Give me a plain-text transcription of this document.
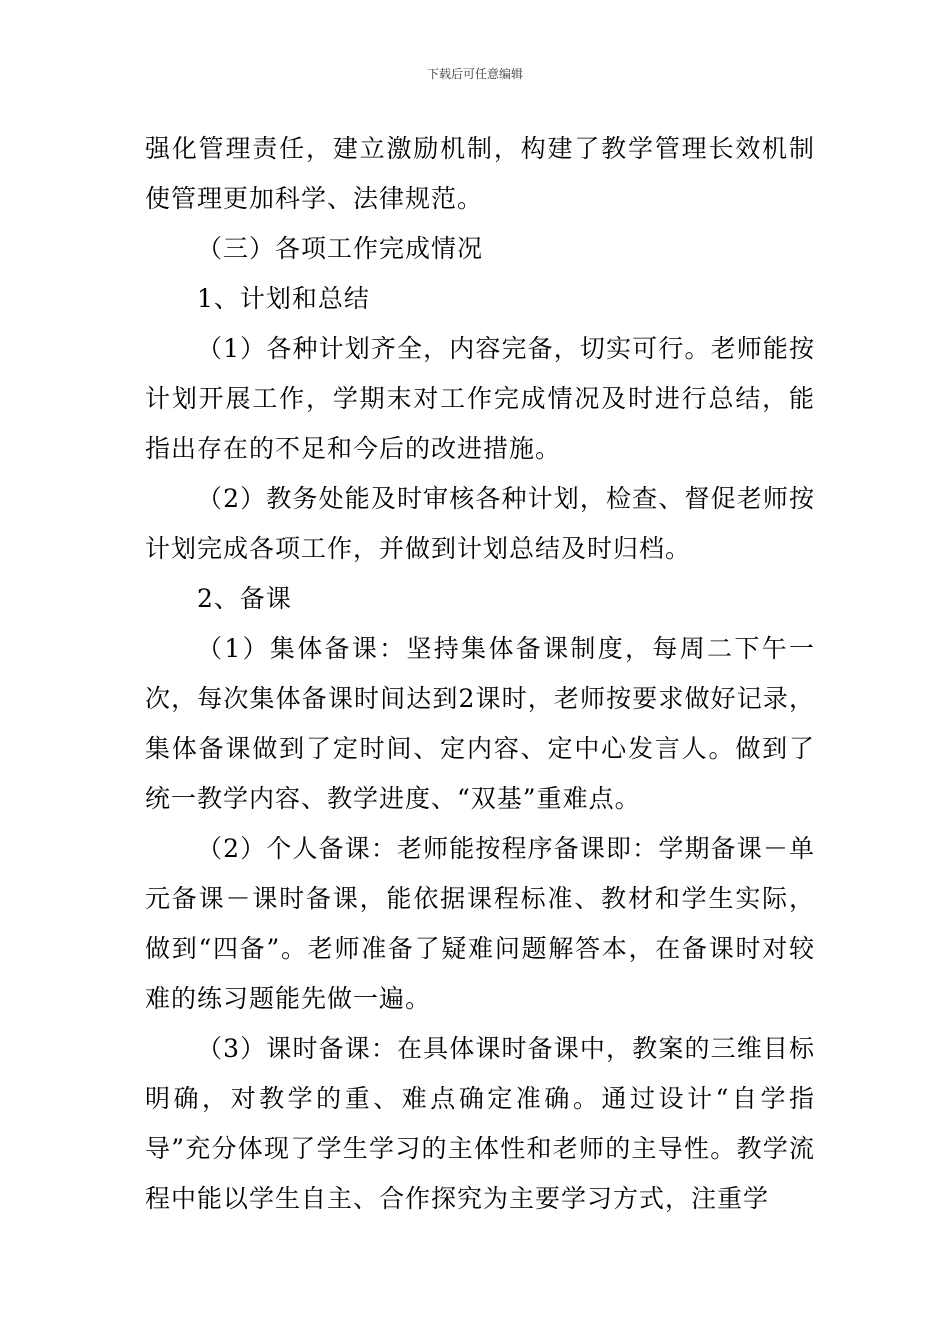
下载后可任意编辑

强化管理责任，建立激励机制，构建了教学管理长效机制使管理更加科学、法律规范。

（三）各项工作完成情况

1、计划和总结

（1）各种计划齐全，内容完备，切实可行。老师能按计划开展工作，学期末对工作完成情况及时进行总结，能指出存在的不足和今后的改进措施。

（2）教务处能及时审核各种计划，检查、督促老师按计划完成各项工作，并做到计划总结及时归档。

2、备课

（1）集体备课：坚持集体备课制度，每周二下午一次，每次集体备课时间达到2课时，老师按要求做好记录，集体备课做到了定时间、定内容、定中心发言人。做到了统一教学内容、教学进度、“双基”重难点。

（2）个人备课：老师能按程序备课即：学期备课－单元备课－课时备课，能依据课程标准、教材和学生实际，做到“四备”。老师准备了疑难问题解答本，在备课时对较难的练习题能先做一遍。

（3）课时备课：在具体课时备课中，教案的三维目标明确，对教学的重、难点确定准确。通过设计“自学指导”充分体现了学生学习的主体性和老师的主导性。教学流程中能以学生自主、合作探究为主要学习方式，注重学
